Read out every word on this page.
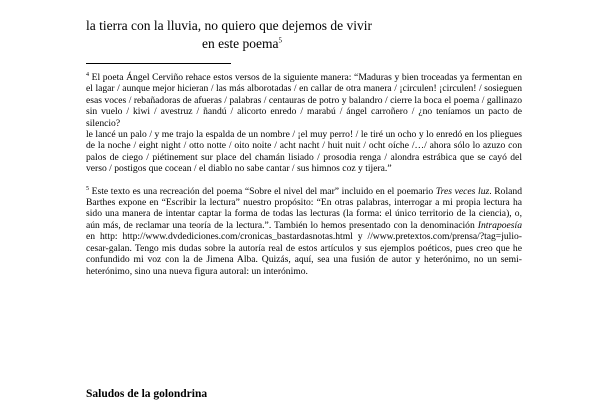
la tierra con la lluvia, no quiero que dejemos de vivir
en este poema$^5$

$^4$ El poeta Ángel Cerviño rehace estos versos de la siguiente manera: “Maduras y bien troceadas ya fermentan en el lagar / aunque mejor hicieran / las más alborotadas / en callar de otra manera / ¡circulen! ¡circulen! / sosieguen esas voces / rebañadoras de afueras / palabras / centauras de potro y balandro / cierre la boca el poema / gallinazo sin vuelo / kiwi / avestruz / ñandú / alicorto enredo / marabú / ángel carroñero / ¿no teníamos un pacto de silencio?

le lancé un palo / y me trajo la espalda de un nombre / ¡el muy perro! / le tiré un ocho y lo enredó en los pliegues de la noche / eight night / otto notte / oito noite / acht nacht / huit nuit / ocht oíche /…/ ahora sólo lo azuzo con palos de ciego / piétinement sur place del chamán lisiado / prosodia renga / alondra estrábica que se cayó del verso / postigos que cocean / el diablo no sabe cantar / sus himnos coz y tijera.”

$^5$ Este texto es una recreación del poema “Sobre el nivel del mar” incluido en el poemario Tres veces luz. Roland Barthes expone en “Escribir la lectura” nuestro propósito: “En otras palabras, interrogar a mi propia lectura ha sido una manera de intentar captar la forma de todas las lecturas (la forma: el único territorio de la ciencia), o, aún más, de reclamar una teoría de la lectura.”. También lo hemos presentado con la denominación Intrapoesía en http: http://www.dvdediciones.com/cronicas_bastardasnotas.html y //www.pretextos.com/prensa/?tag=julio-cesar-galan. Tengo mis dudas sobre la autoría real de estos artículos y sus ejemplos poéticos, pues creo que he confundido mi voz con la de Jimena Alba. Quizás, aquí, sea una fusión de autor y heterónimo, no un semi-heterónimo, sino una nueva figura autoral: un interónimo.

Saludos de la golondrina
